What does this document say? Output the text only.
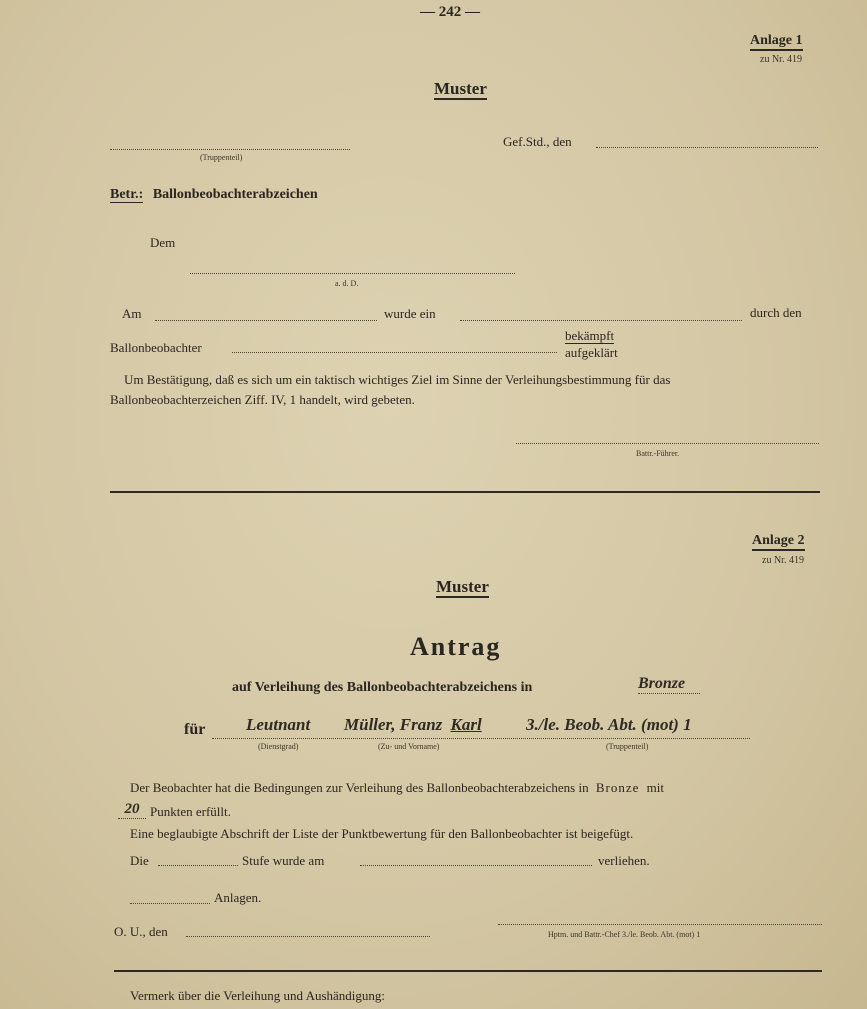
— 242 —
Anlage 1
zu Nr. 419
Muster
(Truppenteil)
Gef.Std., den
Betr.: Ballonbeobachterabzeichen
Dem
a. d. D.
Am	wurde ein	durch den
Ballonbeobachter
bekämpft
aufgeklärt
Um Bestätigung, daß es sich um ein taktisch wichtiges Ziel im Sinne der Verleihungsbestimmung für das
Ballonbeobachterzeichen Ziff. IV, 1 handelt, wird gebeten.
Battr.-Führer.
Anlage 2
zu Nr. 419
Muster
Antrag
auf Verleihung des Ballonbeobachterabzeichens in	Bronze
für Leutnant Müller, Franz Karl	3./le. Beob. Abt. (mot) 1
(Dienstgrad)	(Zu- und Vorname)	(Truppenteil)
Der Beobachter hat die Bedingungen zur Verleihung des Ballonbeobachterabzeichens in Bronze mit
20 Punkten erfüllt.
Eine beglaubigte Abschrift der Liste der Punktbewertung für den Ballonbeobachter ist beigefügt.
Die	Stufe wurde am	verliehen.
Anlagen.
O. U., den	Hptm. und Battr.-Chef 3./le. Beob. Abt. (mot) 1
Vermerk über die Verleihung und Aushändigung:
